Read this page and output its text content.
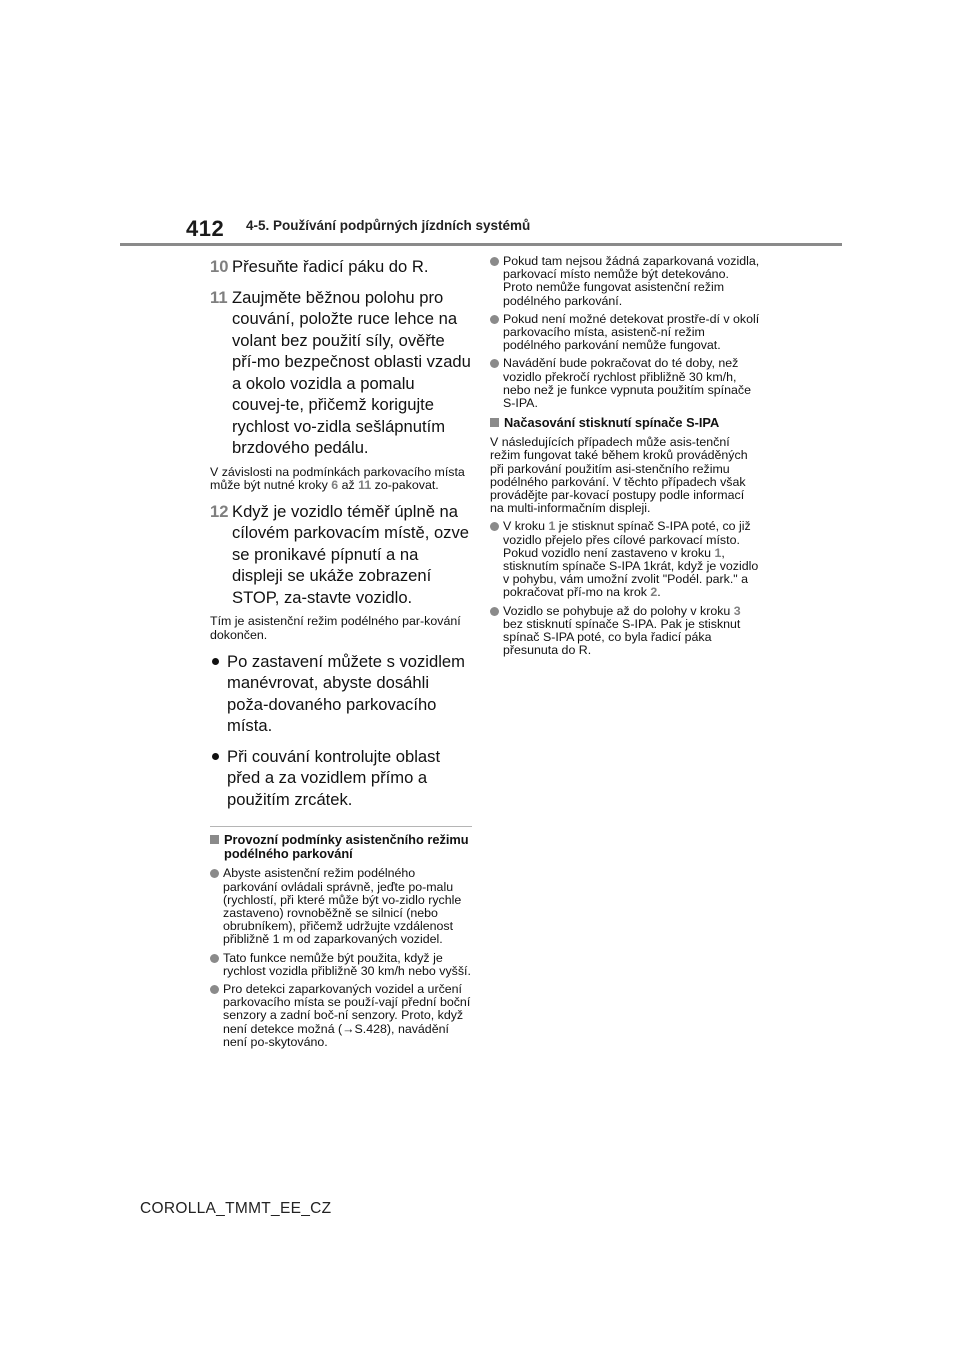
412 4-5. Používání podpůrných jízdních systémů
10 Přesuňte řadicí páku do R.
11 Zaujměte běžnou polohu pro couvání, položte ruce lehce na volant bez použití síly, ověřte pří-mo bezpečnost oblasti vzadu a okolo vozidla a pomalu couvej-te, přičemž korigujte rychlost vo-zidla sešlápnutím brzdového pedálu.
V závislosti na podmínkách parkovacího místa může být nutné kroky 6 až 11 zo-pakovat.
12 Když je vozidlo téměř úplně na cílovém parkovacím místě, ozve se pronikavé pípnutí a na displeji se ukáže zobrazení STOP, za-stavte vozidlo.
Tím je asistenční režim podélného par-kování dokončen.
Po zastavení můžete s vozidlem manévrovat, abyste dosáhli poža-dovaného parkovacího místa.
Při couvání kontrolujte oblast před a za vozidlem přímo a použitím zrcátek.
Provozní podmínky asistenčního režimu podélného parkování
Abyste asistenční režim podélného parkování ovládali správně, jeďte po-malu (rychlostí, při které může být vo-zidlo rychle zastaveno) rovnoběžně se silnicí (nebo obrubníkem), přičemž udržujte vzdálenost přibližně 1 m od zaparkovaných vozidel.
Tato funkce nemůže být použita, když je rychlost vozidla přibližně 30 km/h nebo vyšší.
Pro detekci zaparkovaných vozidel a určení parkovacího místa se použí-vají přední boční senzory a zadní boč-ní senzory. Proto, když není detekce možná (→S.428), navádění není po-skytováno.
Pokud tam nejsou žádná zaparkovaná vozidla, parkovací místo nemůže být detekováno. Proto nemůže fungovat asistenční režim podélného parkování.
Pokud není možné detekovat prostře-dí v okolí parkovacího místa, asistenč-ní režim podélného parkování nemůže fungovat.
Navádění bude pokračovat do té doby, než vozidlo překročí rychlost přibližně 30 km/h, nebo než je funkce vypnuta použitím spínače S-IPA.
Načasování stisknutí spínače S-IPA
V následujících případech může asis-tenční režim fungovat také během kroků prováděných při parkování použitím asi-stenčního režimu podélného parkování. V těchto případech však provádějte par-kovací postupy podle informací na multi-informačním displeji.
V kroku 1 je stisknut spínač S-IPA poté, co již vozidlo přejelo přes cílové parkovací místo. Pokud vozidlo není zastaveno v kroku 1, stisknutím spínače S-IPA 1krát, když je vozidlo v pohybu, vám umožní zvolit "Podél. park." a pokračovat pří-mo na krok 2.
Vozidlo se pohybuje až do polohy v kroku 3 bez stisknutí spínače S-IPA. Pak je stisknut spínač S-IPA poté, co byla řadicí páka přesunuta do R.
COROLLA_TMMT_EE_CZ
